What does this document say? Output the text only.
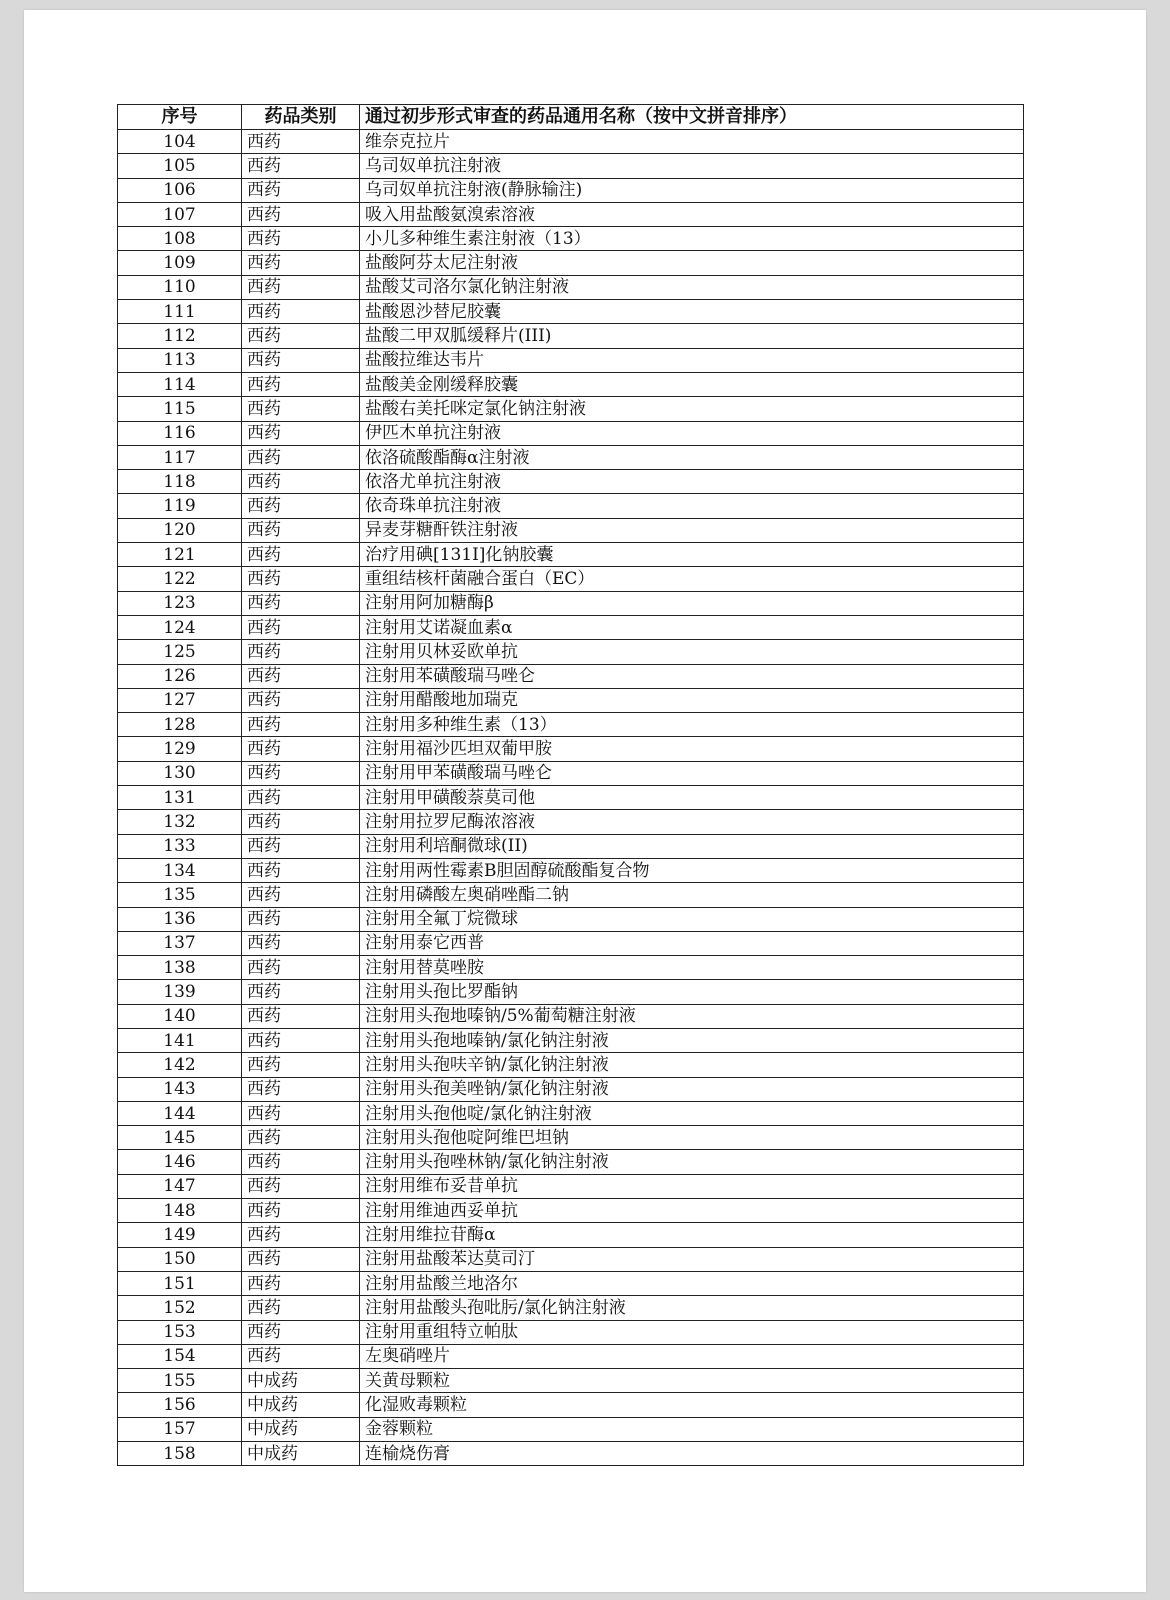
序号	药品类别	通过初步形式审查的药品通用名称（按中文拼音排序）
104	西药	维奈克拉片
105	西药	乌司奴单抗注射液
106	西药	乌司奴单抗注射液(静脉输注)
107	西药	吸入用盐酸氨溴索溶液
108	西药	小儿多种维生素注射液（13）
109	西药	盐酸阿芬太尼注射液
110	西药	盐酸艾司洛尔氯化钠注射液
111	西药	盐酸恩沙替尼胶囊
112	西药	盐酸二甲双胍缓释片(III)
113	西药	盐酸拉维达韦片
114	西药	盐酸美金刚缓释胶囊
115	西药	盐酸右美托咪定氯化钠注射液
116	西药	伊匹木单抗注射液
117	西药	依洛硫酸酯酶α注射液
118	西药	依洛尤单抗注射液
119	西药	依奇珠单抗注射液
120	西药	异麦芽糖酐铁注射液
121	西药	治疗用碘[131I]化钠胶囊
122	西药	重组结核杆菌融合蛋白（EC）
123	西药	注射用阿加糖酶β
124	西药	注射用艾诺凝血素α
125	西药	注射用贝林妥欧单抗
126	西药	注射用苯磺酸瑞马唑仑
127	西药	注射用醋酸地加瑞克
128	西药	注射用多种维生素（13）
129	西药	注射用福沙匹坦双葡甲胺
130	西药	注射用甲苯磺酸瑞马唑仑
131	西药	注射用甲磺酸萘莫司他
132	西药	注射用拉罗尼酶浓溶液
133	西药	注射用利培酮微球(II)
134	西药	注射用两性霉素B胆固醇硫酸酯复合物
135	西药	注射用磷酸左奥硝唑酯二钠
136	西药	注射用全氟丁烷微球
137	西药	注射用泰它西普
138	西药	注射用替莫唑胺
139	西药	注射用头孢比罗酯钠
140	西药	注射用头孢地嗪钠/5%葡萄糖注射液
141	西药	注射用头孢地嗪钠/氯化钠注射液
142	西药	注射用头孢呋辛钠/氯化钠注射液
143	西药	注射用头孢美唑钠/氯化钠注射液
144	西药	注射用头孢他啶/氯化钠注射液
145	西药	注射用头孢他啶阿维巴坦钠
146	西药	注射用头孢唑林钠/氯化钠注射液
147	西药	注射用维布妥昔单抗
148	西药	注射用维迪西妥单抗
149	西药	注射用维拉苷酶α
150	西药	注射用盐酸苯达莫司汀
151	西药	注射用盐酸兰地洛尔
152	西药	注射用盐酸头孢吡肟/氯化钠注射液
153	西药	注射用重组特立帕肽
154	西药	左奥硝唑片
155	中成药	关黄母颗粒
156	中成药	化湿败毒颗粒
157	中成药	金蓉颗粒
158	中成药	连榆烧伤膏
